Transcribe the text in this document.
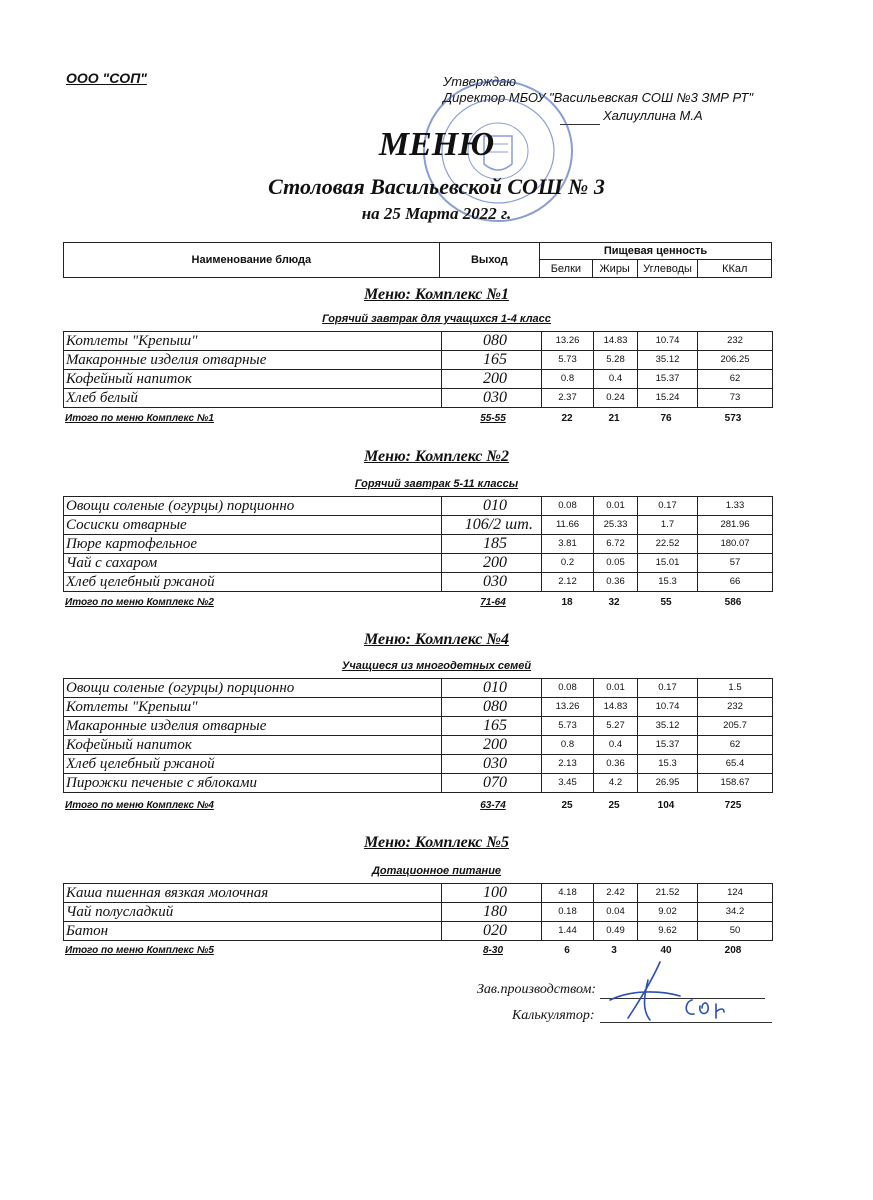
ООО "СОП"	Утверждаю
Директор МБОУ "Васильевская СОШ №3 ЗМР РТ"
Халиуллина М.А
МЕНЮ
Столовая Васильевской СОШ № 3
на 25 Марта 2022 г.
Наименование блюда	Выход	Пищевая ценность			
		Белки	Жиры	Углеводы	ККал
Меню: Комплекс №1
Горячий завтрак для учащихся 1-4 класс
Котлеты "Крепыш"	080	13.26	14.83	10.74	232
Макаронные изделия отварные	165	5.73	5.28	35.12	206.25
Кофейный напиток	200	0.8	0.4	15.37	62
Хлеб белый	030	2.37	0.24	15.24	73
Итого по меню Комплекс №1	55-55	22	21	76	573
Меню: Комплекс №2
Горячий завтрак 5-11 классы
Овощи соленые (огурцы) порционно	010	0.08	0.01	0.17	1.33
Сосиски отварные	106/2 шт.	11.66	25.33	1.7	281.96
Пюре картофельное	185	3.81	6.72	22.52	180.07
Чай с сахаром	200	0.2	0.05	15.01	57
Хлеб целебный ржаной	030	2.12	0.36	15.3	66
Итого по меню Комплекс №2	71-64	18	32	55	586
Меню: Комплекс №4
Учащиеся из многодетных семей
Овощи соленые (огурцы) порционно	010	0.08	0.01	0.17	1.5
Котлеты "Крепыш"	080	13.26	14.83	10.74	232
Макаронные изделия отварные	165	5.73	5.27	35.12	205.7
Кофейный напиток	200	0.8	0.4	15.37	62
Хлеб целебный ржаной	030	2.13	0.36	15.3	65.4
Пирожки печеные с яблоками	070	3.45	4.2	26.95	158.67
Итого по меню Комплекс №4	63-74	25	25	104	725
Меню: Комплекс №5
Дотационное питание
Каша пшенная вязкая молочная	100	4.18	2.42	21.52	124
Чай полусладкий	180	0.18	0.04	9.02	34.2
Батон	020	1.44	0.49	9.62	50
Итого по меню Комплекс №5	8-30	6	3	40	208
Зав.производством:
Калькулятор:
